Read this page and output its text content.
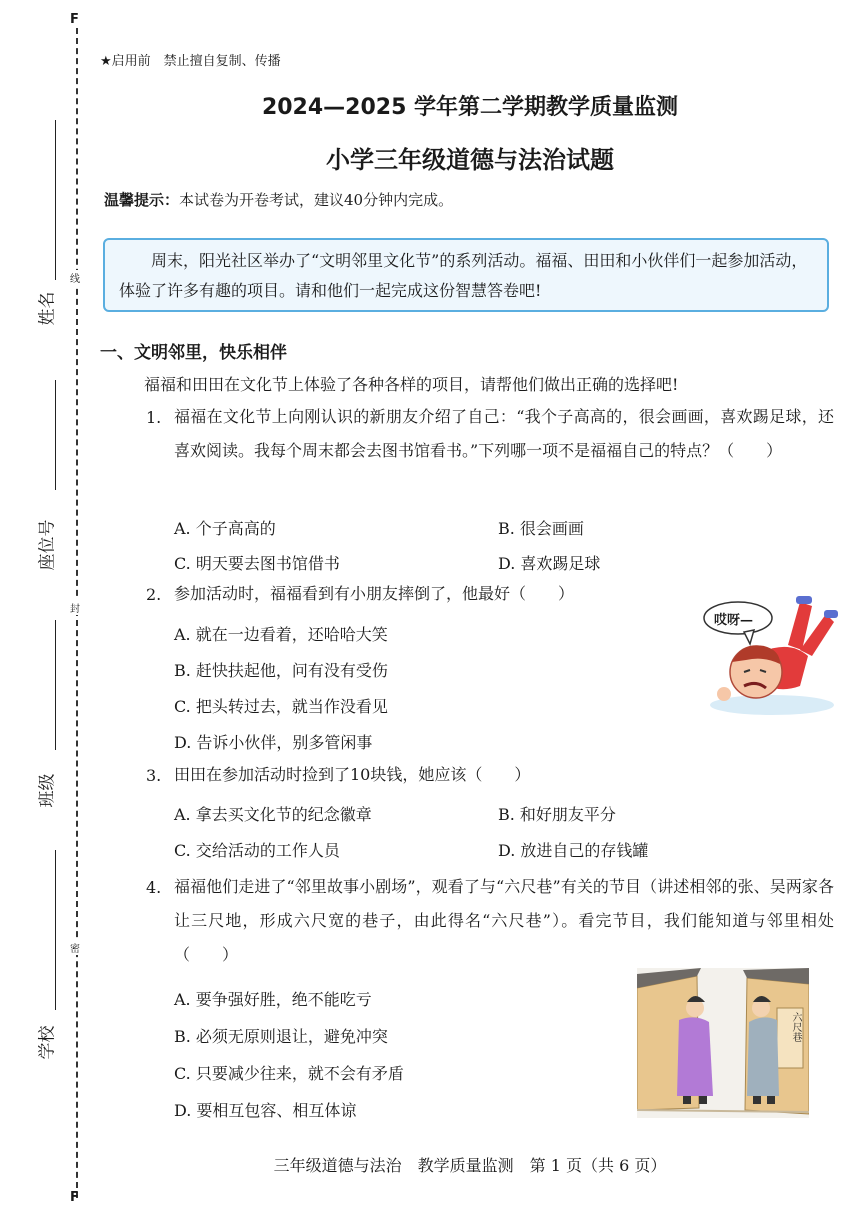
F
F
线
封
密
姓名
座位号
班级
学校
★启用前　禁止擅自复制、传播
2024—2025 学年第二学期教学质量监测
小学三年级道德与法治试题
温馨提示：本试卷为开卷考试，建议40分钟内完成。

周末，阳光社区举办了“文明邻里文化节”的系列活动。福福、田田和小伙伴们一起参加活动，体验了许多有趣的项目。请和他们一起完成这份智慧答卷吧!

一、文明邻里，快乐相伴
福福和田田在文化节上体验了各种各样的项目，请帮他们做出正确的选择吧!
1. 福福在文化节上向刚认识的新朋友介绍了自己：“我个子高高的，很会画画，喜欢踢足球，还喜欢阅读。我每个周末都会去图书馆看书。”下列哪一项不是福福自己的特点？（　　）
A. 个子高高的	B. 很会画画
C. 明天要去图书馆借书	D. 喜欢踢足球
2. 参加活动时，福福看到有小朋友摔倒了，他最好（　　）
A. 就在一边看着，还哈哈大笑
B. 赶快扶起他，问有没有受伤
C. 把头转过去，就当作没看见
D. 告诉小伙伴，别多管闲事
哎呀—
3. 田田在参加活动时捡到了10块钱，她应该（　　）
A. 拿去买文化节的纪念徽章	B. 和好朋友平分
C. 交给活动的工作人员	D. 放进自己的存钱罐
4. 福福他们走进了“邻里故事小剧场”，观看了与“六尺巷”有关的节目（讲述相邻的张、吴两家各让三尺地，形成六尺宽的巷子，由此得名“六尺巷”）。看完节目，我们能知道与邻里相处（　　）
A. 要争强好胜，绝不能吃亏
B. 必须无原则退让，避免冲突
C. 只要减少往来，就不会有矛盾
D. 要相互包容、相互体谅
六尺巷
三年级道德与法治　教学质量监测　第 1 页（共 6 页）
